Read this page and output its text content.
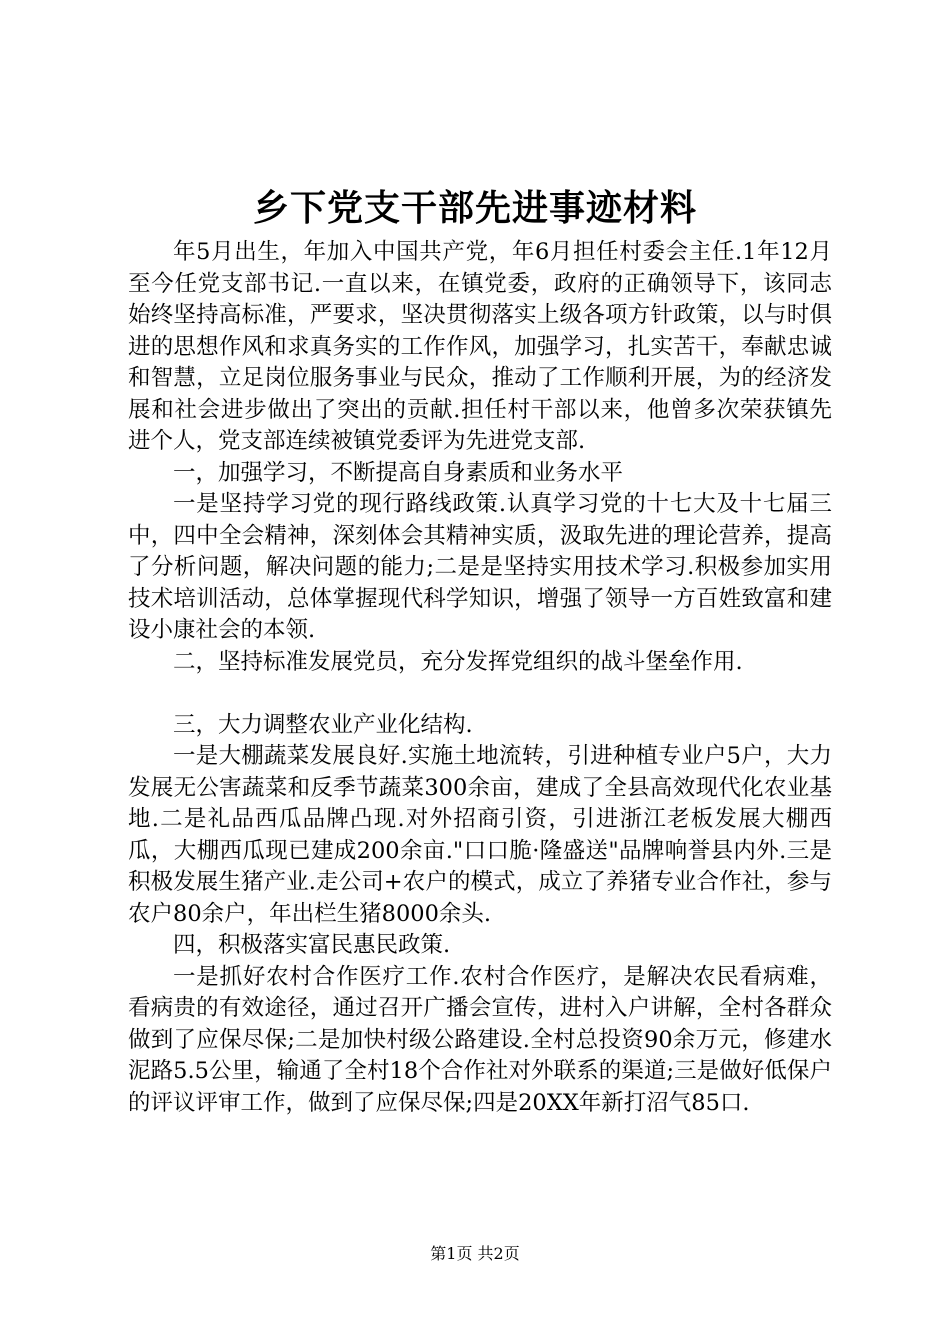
乡下党支干部先进事迹材料

年5月出生，年加入中国共产党，年6月担任村委会主任.1年12月至今任党支部书记.一直以来，在镇党委，政府的正确领导下，该同志始终坚持高标准，严要求，坚决贯彻落实上级各项方针政策，以与时俱进的思想作风和求真务实的工作作风，加强学习，扎实苦干，奉献忠诚和智慧，立足岗位服务事业与民众，推动了工作顺利开展，为的经济发展和社会进步做出了突出的贡献.担任村干部以来，他曾多次荣获镇先进个人，党支部连续被镇党委评为先进党支部.

一，加强学习，不断提高自身素质和业务水平

一是坚持学习党的现行路线政策.认真学习党的十七大及十七届三中，四中全会精神，深刻体会其精神实质，汲取先进的理论营养，提高了分析问题，解决问题的能力;二是是坚持实用技术学习.积极参加实用技术培训活动，总体掌握现代科学知识，增强了领导一方百姓致富和建设小康社会的本领.

二，坚持标准发展党员，充分发挥党组织的战斗堡垒作用.

三，大力调整农业产业化结构.

一是大棚蔬菜发展良好.实施土地流转，引进种植专业户5户，大力发展无公害蔬菜和反季节蔬菜300余亩，建成了全县高效现代化农业基地.二是礼品西瓜品牌凸现.对外招商引资，引进浙江老板发展大棚西瓜，大棚西瓜现已建成200余亩."口口脆·隆盛送"品牌响誉县内外.三是积极发展生猪产业.走公司+农户的模式，成立了养猪专业合作社，参与农户80余户，年出栏生猪8000余头.

四，积极落实富民惠民政策.

一是抓好农村合作医疗工作.农村合作医疗，是解决农民看病难，看病贵的有效途径，通过召开广播会宣传，进村入户讲解，全村各群众做到了应保尽保;二是加快村级公路建设.全村总投资90余万元，修建水泥路5.5公里，输通了全村18个合作社对外联系的渠道;三是做好低保户的评议评审工作，做到了应保尽保;四是20XX年新打沼气85口.

第1页 共2页
